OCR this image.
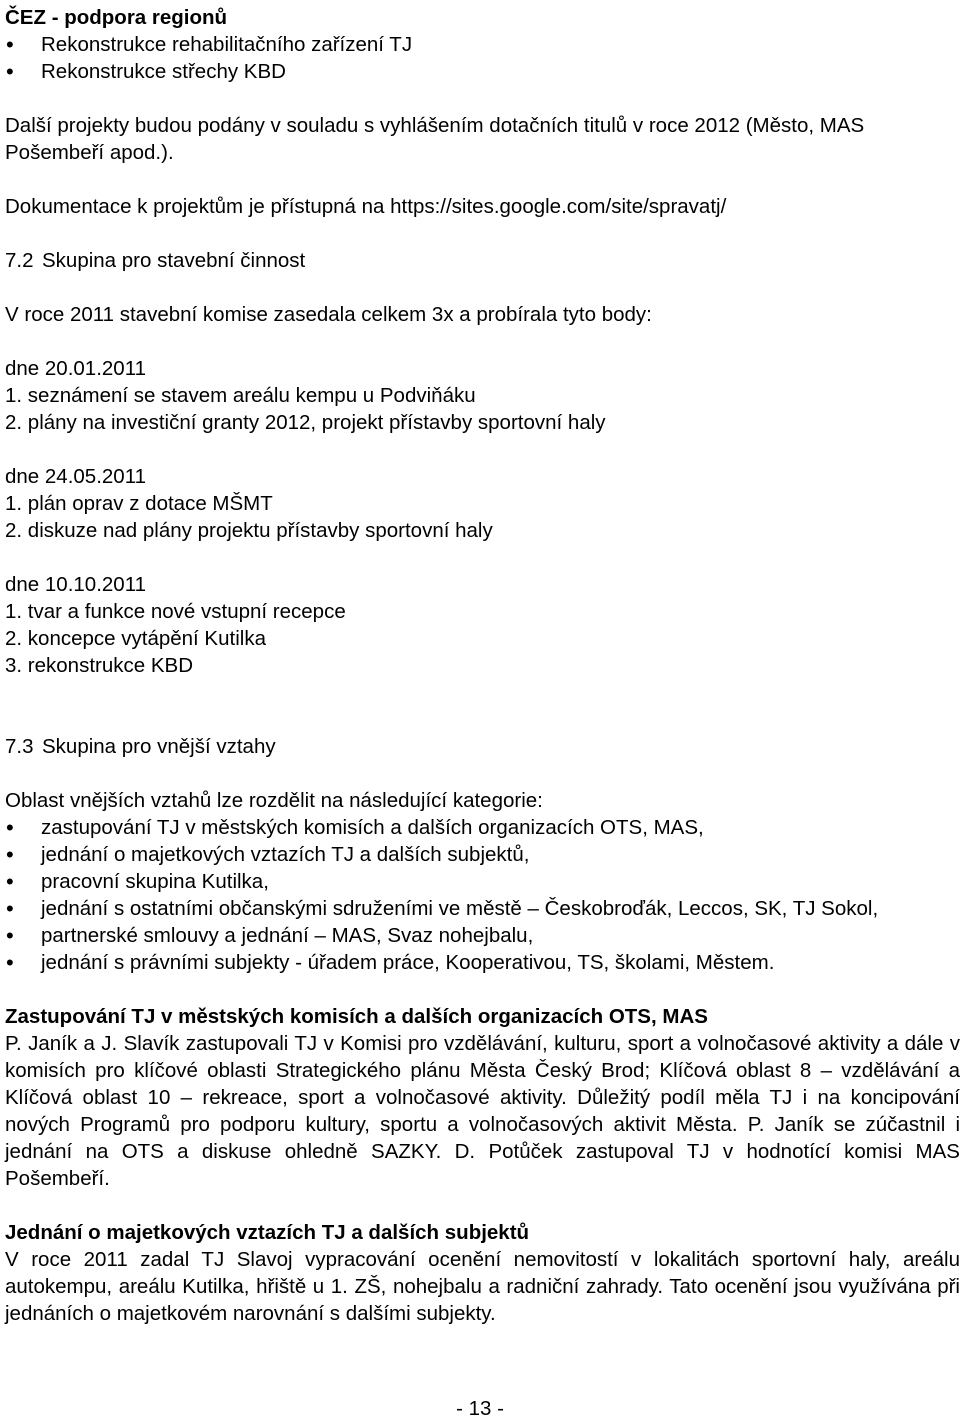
ČEZ - podpora regionů

• Rekonstrukce rehabilitačního zařízení TJ
• Rekonstrukce střechy KBD

Další projekty budou podány v souladu s vyhlášením dotačních titulů v roce 2012 (Město, MAS Pošembeří apod.).

Dokumentace k projektům je přístupná na https://sites.google.com/site/spravatj/

7.2 Skupina pro stavební činnost

V roce 2011 stavební komise zasedala celkem 3x a probírala tyto body:

dne 20.01.2011

1. seznámení se stavem areálu kempu u Podviňáku

2. plány na investiční granty 2012, projekt přístavby sportovní haly

dne 24.05.2011

1. plán oprav z dotace MŠMT

2. diskuze nad plány projektu přístavby sportovní haly

dne 10.10.2011

1. tvar a funkce nové vstupní recepce

2. koncepce vytápění Kutilka

3. rekonstrukce KBD

7.3 Skupina pro vnější vztahy

Oblast vnějších vztahů lze rozdělit na následující kategorie:

• zastupování TJ v městských komisích a dalších organizacích OTS, MAS,
• jednání o majetkových vztazích TJ a dalších subjektů,
• pracovní skupina Kutilka,
• jednání s ostatními občanskými sdruženími ve městě – Českobroďák, Leccos, SK, TJ Sokol,
• partnerské smlouvy a jednání – MAS, Svaz nohejbalu,
• jednání s právními subjekty - úřadem práce, Kooperativou, TS, školami, Městem.

Zastupování TJ v městských komisích a dalších organizacích OTS, MAS

P. Janík a J. Slavík zastupovali TJ v Komisi pro vzdělávání, kulturu, sport a volnočasové aktivity a dále v komisích pro klíčové oblasti Strategického plánu Města Český Brod; Klíčová oblast 8 – vzdělávání a Klíčová oblast 10 – rekreace, sport a volnočasové aktivity. Důležitý podíl měla TJ i na koncipování nových Programů pro podporu kultury, sportu a volnočasových aktivit Města. P. Janík se zúčastnil i jednání na OTS a diskuse ohledně SAZKY. D. Potůček zastupoval TJ v hodnotící komisi MAS Pošembeří.

Jednání o majetkových vztazích TJ a dalších subjektů

V roce 2011 zadal TJ Slavoj vypracování ocenění nemovitostí v lokalitách sportovní haly, areálu autokempu, areálu Kutilka, hřiště u 1. ZŠ, nohejbalu a radniční zahrady. Tato ocenění jsou využívána při jednáních o majetkovém narovnání s dalšími subjekty.

- 13 -
